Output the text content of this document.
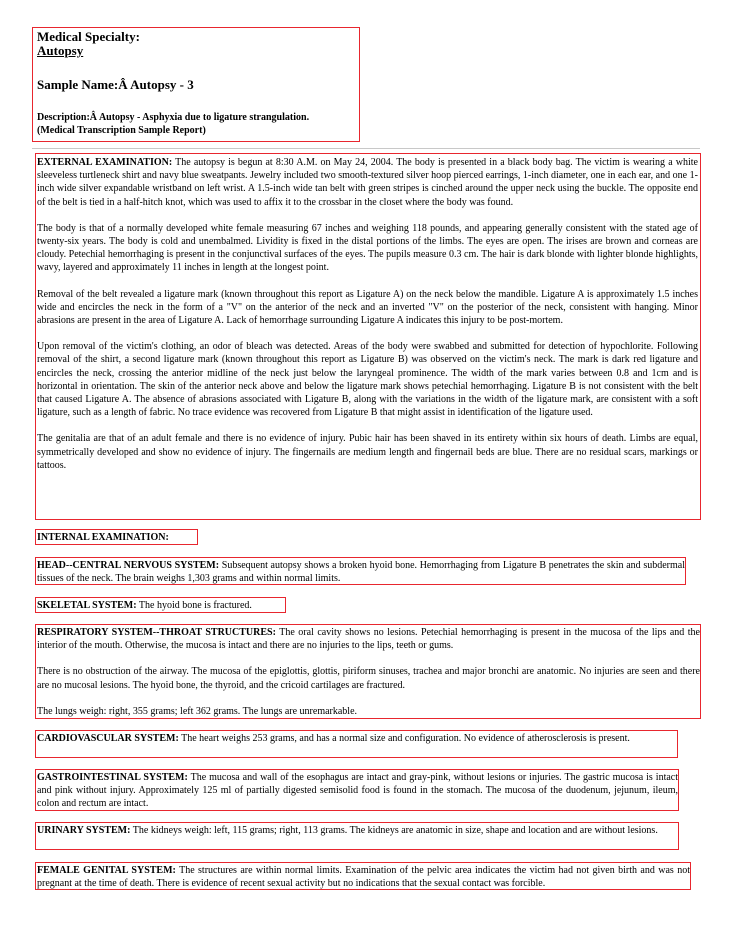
Medical Specialty:
Autopsy
Sample Name:Â Autopsy - 3
Description:Â Autopsy - Asphyxia due to ligature strangulation.
(Medical Transcription Sample Report)

EXTERNAL EXAMINATION: The autopsy is begun at 8:30 A.M. on May 24, 2004. The body is presented in a black body bag. The victim is wearing a white sleeveless turtleneck shirt and navy blue sweatpants. Jewelry included two smooth-textured silver hoop pierced earrings, 1-inch diameter, one in each ear, and one 1-inch wide silver expandable wristband on left wrist. A 1.5-inch wide tan belt with green stripes is cinched around the upper neck using the buckle. The opposite end of the belt is tied in a half-hitch knot, which was used to affix it to the crossbar in the closet where the body was found.

The body is that of a normally developed white female measuring 67 inches and weighing 118 pounds, and appearing generally consistent with the stated age of twenty-six years. The body is cold and unembalmed. Lividity is fixed in the distal portions of the limbs. The eyes are open. The irises are brown and corneas are cloudy. Petechial hemorrhaging is present in the conjunctival surfaces of the eyes. The pupils measure 0.3 cm. The hair is dark blonde with lighter blonde highlights, wavy, layered and approximately 11 inches in length at the longest point.

Removal of the belt revealed a ligature mark (known throughout this report as Ligature A) on the neck below the mandible. Ligature A is approximately 1.5 inches wide and encircles the neck in the form of a "V" on the anterior of the neck and an inverted "V" on the posterior of the neck, consistent with hanging. Minor abrasions are present in the area of Ligature A. Lack of hemorrhage surrounding Ligature A indicates this injury to be post-mortem.

Upon removal of the victim's clothing, an odor of bleach was detected. Areas of the body were swabbed and submitted for detection of hypochlorite. Following removal of the shirt, a second ligature mark (known throughout this report as Ligature B) was observed on the victim's neck. The mark is dark red ligature and encircles the neck, crossing the anterior midline of the neck just below the laryngeal prominence. The width of the mark varies between 0.8 and 1cm and is horizontal in orientation. The skin of the anterior neck above and below the ligature mark shows petechial hemorrhaging. Ligature B is not consistent with the belt that caused Ligature A. The absence of abrasions associated with Ligature B, along with the variations in the width of the ligature mark, are consistent with a soft ligature, such as a length of fabric. No trace evidence was recovered from Ligature B that might assist in identification of the ligature used.

The genitalia are that of an adult female and there is no evidence of injury. Pubic hair has been shaved in its entirety within six hours of death. Limbs are equal, symmetrically developed and show no evidence of injury. The fingernails are medium length and fingernail beds are blue. There are no residual scars, markings or tattoos.

INTERNAL EXAMINATION:
HEAD--CENTRAL NERVOUS SYSTEM: Subsequent autopsy shows a broken hyoid bone. Hemorrhaging from Ligature B penetrates the skin and subdermal tissues of the neck. The brain weighs 1,303 grams and within normal limits.
SKELETAL SYSTEM: The hyoid bone is fractured.

RESPIRATORY SYSTEM--THROAT STRUCTURES: The oral cavity shows no lesions. Petechial hemorrhaging is present in the mucosa of the lips and the interior of the mouth. Otherwise, the mucosa is intact and there are no injuries to the lips, teeth or gums.

There is no obstruction of the airway. The mucosa of the epiglottis, glottis, piriform sinuses, trachea and major bronchi are anatomic. No injuries are seen and there are no mucosal lesions. The hyoid bone, the thyroid, and the cricoid cartilages are fractured.

The lungs weigh: right, 355 grams; left 362 grams. The lungs are unremarkable.

CARDIOVASCULAR SYSTEM: The heart weighs 253 grams, and has a normal size and configuration. No evidence of atherosclerosis is present.
GASTROINTESTINAL SYSTEM: The mucosa and wall of the esophagus are intact and gray-pink, without lesions or injuries. The gastric mucosa is intact and pink without injury. Approximately 125 ml of partially digested semisolid food is found in the stomach. The mucosa of the duodenum, jejunum, ileum, colon and rectum are intact.
URINARY SYSTEM: The kidneys weigh: left, 115 grams; right, 113 grams. The kidneys are anatomic in size, shape and location and are without lesions.
FEMALE GENITAL SYSTEM: The structures are within normal limits. Examination of the pelvic area indicates the victim had not given birth and was not pregnant at the time of death. There is evidence of recent sexual activity but no indications that the sexual contact was forcible.
